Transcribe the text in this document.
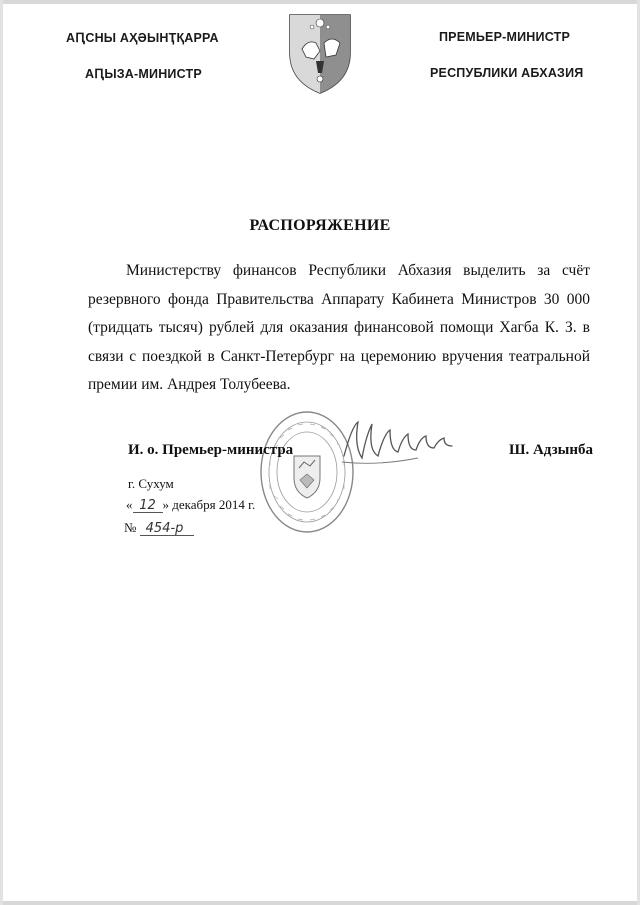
АԤСНЫ АҲӘЫНҬҚАРРА
АԤЫЗА-МИНИСТР
ПРЕМЬЕР-МИНИСТР
РЕСПУБЛИКИ АБХАЗИЯ
РАСПОРЯЖЕНИЕ

Министерству финансов Республики Абхазия выделить за счёт резервного фонда Правительства Аппарату Кабинета Министров 30 000 (тридцать тысяч) рублей для оказания финансовой помощи Хагба К. З. в связи с поездкой в Санкт-Петербург на церемонию вручения театральной премии им. Андрея Толубеева.

И. о. Премьер-министра	Ш. Адзынба
г. Сухум
« 12 » декабря 2014 г.
№ 454-р
